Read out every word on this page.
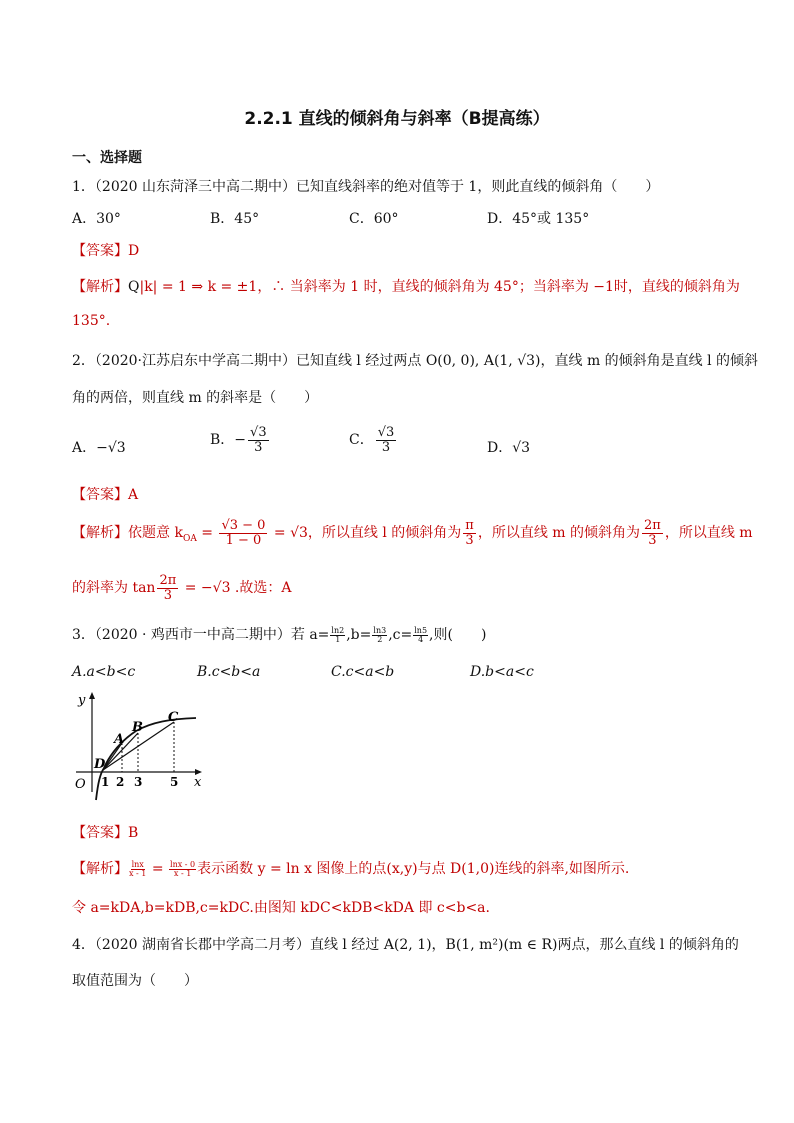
2.2.1 直线的倾斜角与斜率（B提高练）
一、选择题
1．（2020 山东菏泽三中高二期中）已知直线斜率的绝对值等于 1，则此直线的倾斜角（　　）
A．30°	B．45°	C．60°	D．45°或 135°
【答案】D
【解析】Q|k| = 1 ⇒ k = ±1，∴ 当斜率为 1 时，直线的倾斜角为 45°；当斜率为 −1时，直线的倾斜角为
135°.
2．（2020·江苏启东中学高二期中）已知直线 l 经过两点 O(0, 0), A(1, √3)，直线 m 的倾斜角是直线 l 的倾斜
角的两倍，则直线 m 的斜率是（　　）
A．−√3	B．− $\frac{√3}{3}$	C． $\frac{√3}{3}$	D．√3
【答案】A
【解析】依题意 $k_{OA} = \frac{√3 - 0}{1 - 0} = √3$，所以直线 l 的倾斜角为 $\frac{\pi}{3}$ ，所以直线 m 的倾斜角为 $\frac{2\pi}{3}$ ，所以直线 m
的斜率为 $\tan \frac{2\pi}{3} = -√3$ .故选：A
3．（2020 · 鸡西市一中高二期中）若 $a= \frac{\ln 2}{1} ,b= \frac{\ln 3}{2} ,c= \frac{\ln 5}{4}$ ,则(　　)
A.a<b<c	B.c<b<a	C.c<a<b	D.b<a<c
y
x
O
A
B
C
D
1 2 3 5
【答案】B
【解析】 $\frac{\ln x}{x - 1} = \frac{\ln x - 0}{x - 1}$ 表示函数 y = ln x 图像上的点(x,y)与点 D(1,0)连线的斜率,如图所示.
令 a=kDA,b=kDB,c=kDC.由图知 kDC<kDB<kDA 即 c<b<a.
4．（2020 湖南省长郡中学高二月考）直线 l 经过 A(2, 1)，B(1, m²)(m ∈ R)两点，那么直线 l 的倾斜角的
取值范围为（　　）
